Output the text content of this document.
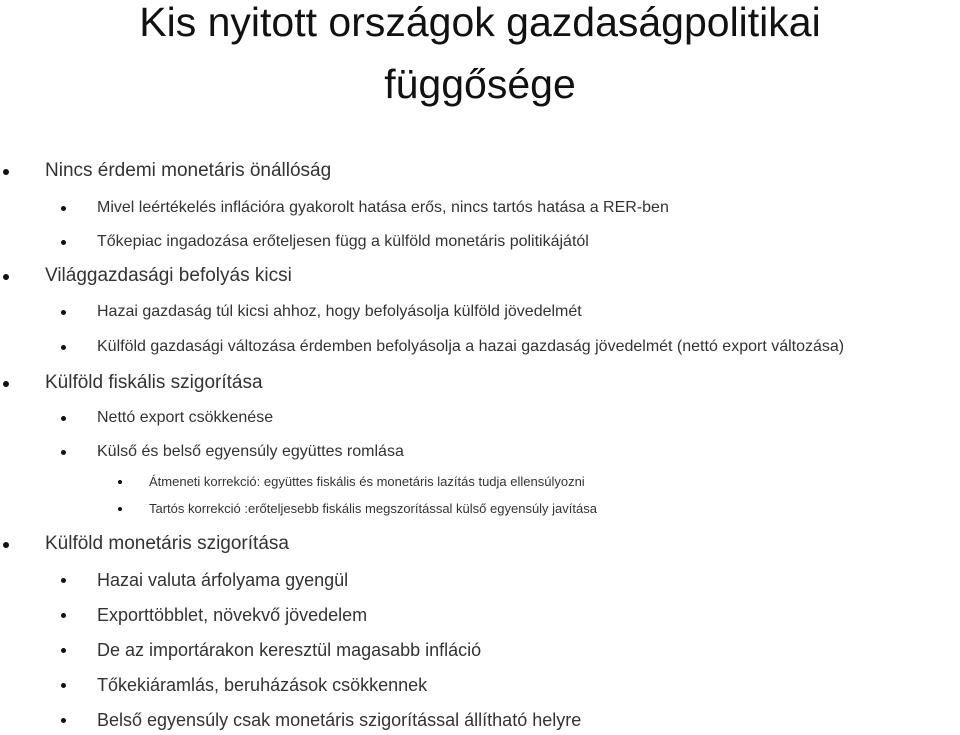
Kis nyitott országok gazdaságpolitikai
függősége
Nincs érdemi monetáris önállóság
Mivel leértékelés inflációra gyakorolt hatása erős, nincs tartós hatása a RER-ben
Tőkepiac ingadozása erőteljesen függ a külföld monetáris politikájától
Világgazdasági befolyás kicsi
Hazai gazdaság túl kicsi ahhoz, hogy befolyásolja külföld jövedelmét
Külföld gazdasági változása érdemben befolyásolja a hazai gazdaság jövedelmét (nettó export változása)
Külföld fiskális szigorítása
Nettó export csökkenése
Külső és belső egyensúly együttes romlása
Átmeneti korrekció: együttes fiskális és monetáris lazítás tudja ellensúlyozni
Tartós korrekció :erőteljesebb fiskális megszorítással külső egyensúly javítása
Külföld monetáris szigorítása
Hazai valuta árfolyama gyengül
Exporttöbblet, növekvő jövedelem
De az importárakon keresztül magasabb infláció
Tőkekiáramlás, beruházások csökkennek
Belső egyensúly csak monetáris szigorítással állítható helyre
